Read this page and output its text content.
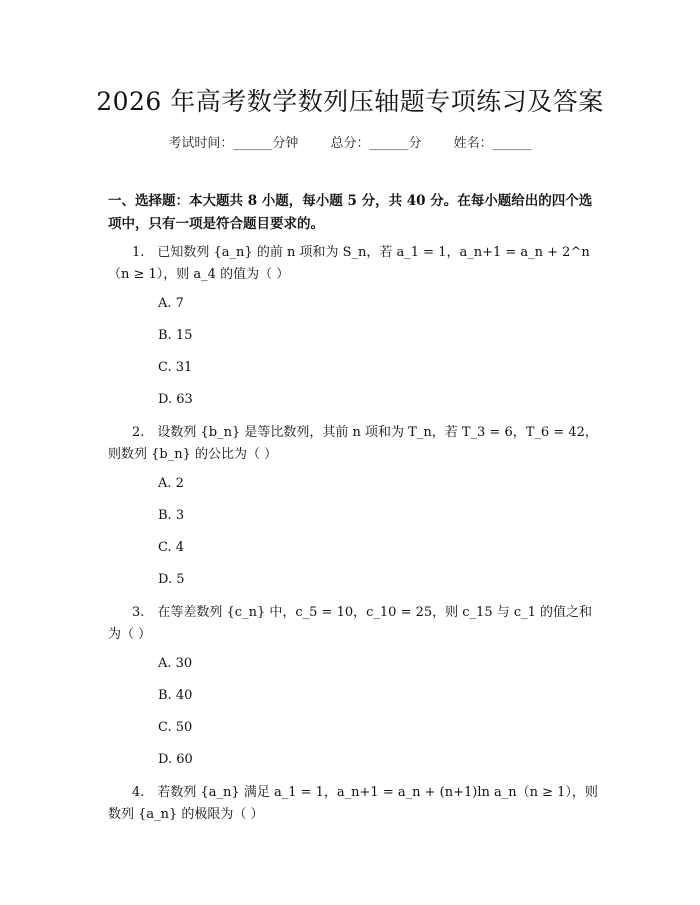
2026 年高考数学数列压轴题专项练习及答案
考试时间：______分钟 总分：______分 姓名：______
一、选择题：本大题共 8 小题，每小题 5 分，共 40 分。在每小题给出的四个选项中，只有一项是符合题目要求的。
1.　已知数列 {a_n} 的前 n 项和为 S_n，若 a_1 = 1，a_n+1 = a_n + 2^n（n ≥ 1），则 a_4 的值为（ ）
A. 7
B. 15
C. 31
D. 63
2.　设数列 {b_n} 是等比数列，其前 n 项和为 T_n，若 T_3 = 6，T_6 = 42，则数列 {b_n} 的公比为（ ）
A. 2
B. 3
C. 4
D. 5
3.　在等差数列 {c_n} 中，c_5 = 10，c_10 = 25，则 c_15 与 c_1 的值之和为（ ）
A. 30
B. 40
C. 50
D. 60
4.　若数列 {a_n} 满足 a_1 = 1，a_n+1 = a_n + (n+1)ln a_n（n ≥ 1），则数列 {a_n} 的极限为（ ）
